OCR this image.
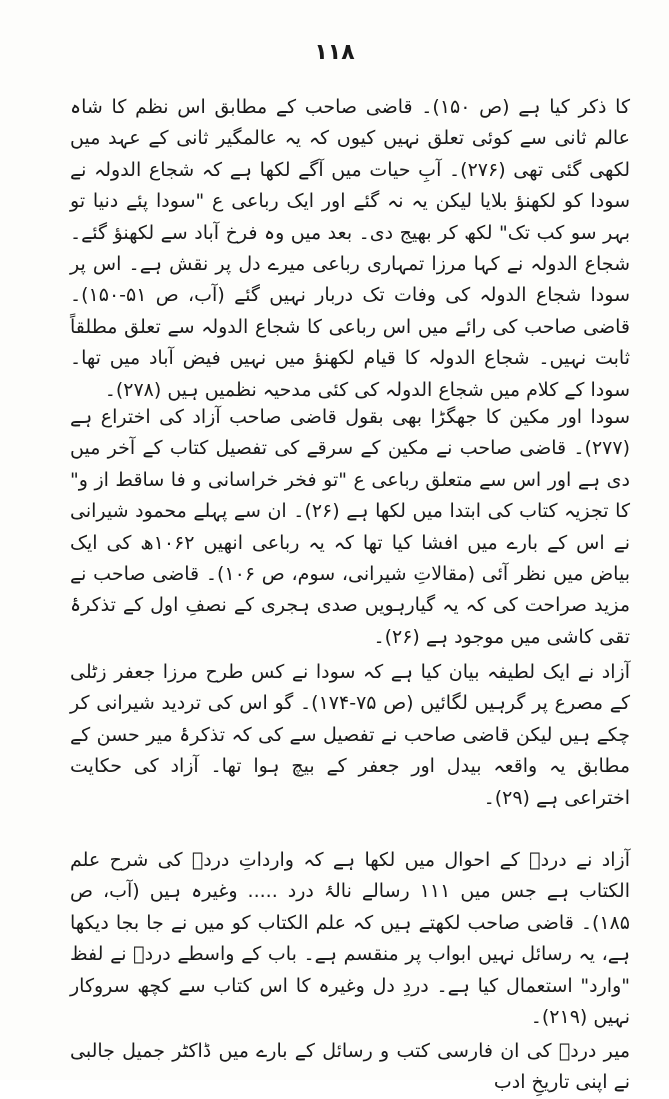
۱۱۸

کا ذکر کیا ہے (ص ۱۵۰)۔ قاضی صاحب کے مطابق اس نظم کا شاہ عالم ثانی سے کوئی تعلق نہیں کیوں کہ یہ عالمگیر ثانی کے عہد میں لکھی گئی تھی (۲۷۶)۔ آبِ حیات میں آگے لکھا ہے کہ شجاع الدولہ نے سودا کو لکھنؤ بلایا لیکن یہ نہ گئے اور ایک رباعی ع "سودا پئے دنیا تو بہر سو کب تک" لکھ کر بھیج دی۔ بعد میں وہ فرخ آباد سے لکھنؤ گئے۔ شجاع الدولہ نے کہا مرزا تمہاری رباعی میرے دل پر نقش ہے۔ اس پر سودا شجاع الدولہ کی وفات تک دربار نہیں گئے (آب، ص ۵۱-۱۵۰)۔ قاضی صاحب کی رائے میں اس رباعی کا شجاع الدولہ سے تعلق مطلقاً ثابت نہیں۔ شجاع الدولہ کا قیام لکھنؤ میں نہیں فیض آباد میں تھا۔ سودا کے کلام میں شجاع الدولہ کی کئی مدحیہ نظمیں ہیں (۲۷۸)۔

سودا اور مکین کا جھگڑا بھی بقول قاضی صاحب آزاد کی اختراع ہے (۲۷۷)۔ قاضی صاحب نے مکین کے سرقے کی تفصیل کتاب کے آخر میں دی ہے اور اس سے متعلق رباعی ع "تو فخر خراسانی و فا ساقط از و" کا تجزیہ کتاب کی ابتدا میں لکھا ہے (۲۶)۔ ان سے پہلے محمود شیرانی نے اس کے بارے میں افشا کیا تھا کہ یہ رباعی انھیں ۱۰۶۲ھ کی ایک بیاض میں نظر آئی (مقالاتِ شیرانی، سوم، ص ۱۰۶)۔ قاضی صاحب نے مزید صراحت کی کہ یہ گیارہویں صدی ہجری کے نصفِ اول کے تذکرۂ تقی کاشی میں موجود ہے (۲۶)۔

آزاد نے ایک لطیفہ بیان کیا ہے کہ سودا نے کس طرح مرزا جعفر زٹلی کے مصرع پر گرہیں لگائیں (ص ۷۵-۱۷۴)۔ گو اس کی تردید شیرانی کر چکے ہیں لیکن قاضی صاحب نے تفصیل سے کی کہ تذکرۂ میر حسن کے مطابق یہ واقعہ بیدل اور جعفر کے بیچ ہوا تھا۔ آزاد کی حکایت اختراعی ہے (۲۹)۔

آزاد نے دردؔ کے احوال میں لکھا ہے کہ وارداتِ دردؔ کی شرح علم الکتاب ہے جس میں ۱۱۱ رسالے نالۂ درد ..... وغیرہ ہیں (آب، ص ۱۸۵)۔ قاضی صاحب لکھتے ہیں کہ علم الکتاب کو میں نے جا بجا دیکھا ہے، یہ رسائل نہیں ابواب پر منقسم ہے۔ باب کے واسطے دردؔ نے لفظ "وارد" استعمال کیا ہے۔ دردِ دل وغیرہ کا اس کتاب سے کچھ سروکار نہیں (۲۱۹)۔

میر دردؔ کی ان فارسی کتب و رسائل کے بارے میں ڈاکٹر جمیل جالبی نے اپنی تاریخِ ادب
